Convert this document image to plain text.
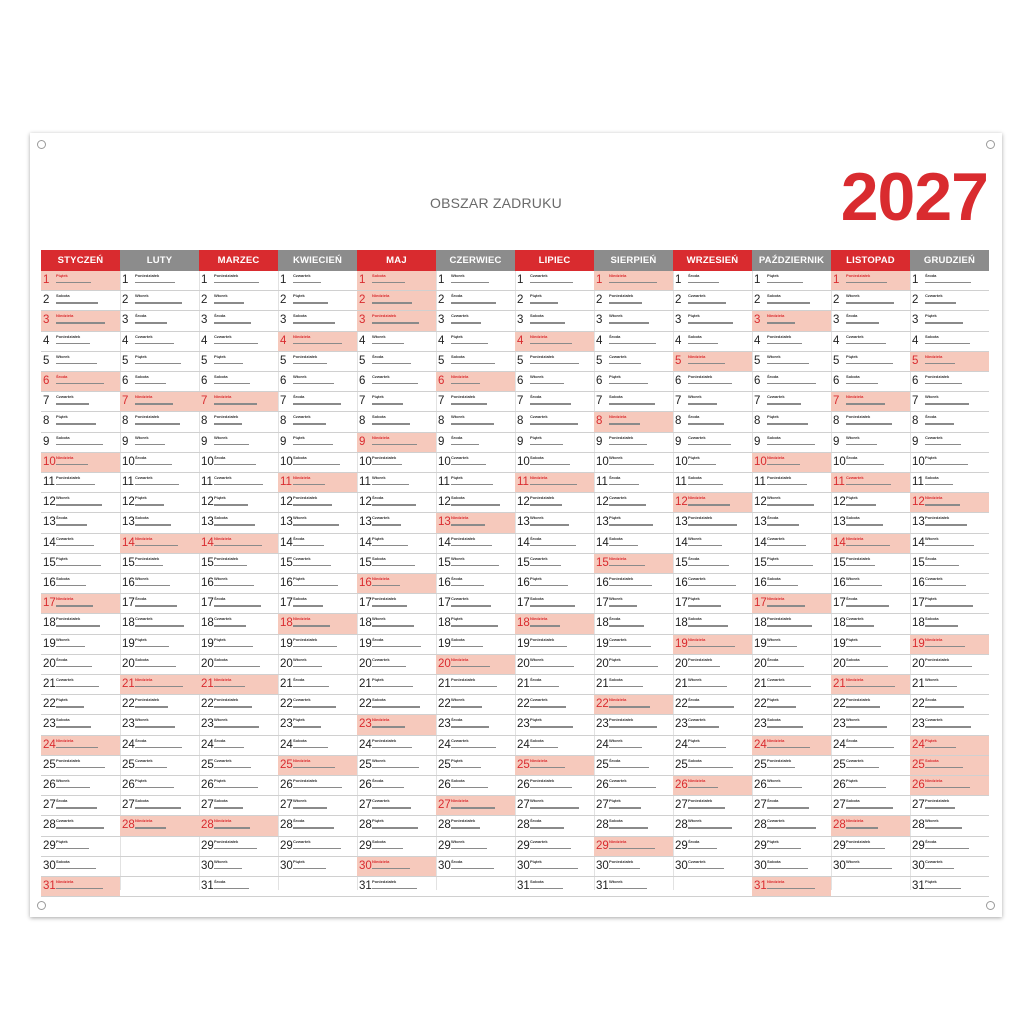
OBSZAR ZADRUKU	2027
STYCZEŃ
1 Piątek
2 Sobota
3 Niedziela
4 Poniedziałek
5 Wtorek
6 Środa
7 Czwartek
8 Piątek
9 Sobota
10 Niedziela
11 Poniedziałek
12 Wtorek
13 Środa
14 Czwartek
15 Piątek
16 Sobota
17 Niedziela
18 Poniedziałek
19 Wtorek
20 Środa
21 Czwartek
22 Piątek
23 Sobota
24 Niedziela
25 Poniedziałek
26 Wtorek
27 Środa
28 Czwartek
29 Piątek
30 Sobota
31 Niedziela
LUTY
1 Poniedziałek
2 Wtorek
3 Środa
4 Czwartek
5 Piątek
6 Sobota
7 Niedziela
8 Poniedziałek
9 Wtorek
10 Środa
11 Czwartek
12 Piątek
13 Sobota
14 Niedziela
15 Poniedziałek
16 Wtorek
17 Środa
18 Czwartek
19 Piątek
20 Sobota
21 Niedziela
22 Poniedziałek
23 Wtorek
24 Środa
25 Czwartek
26 Piątek
27 Sobota
28 Niedziela
MARZEC
1 Poniedziałek
2 Wtorek
3 Środa
4 Czwartek
5 Piątek
6 Sobota
7 Niedziela
8 Poniedziałek
9 Wtorek
10 Środa
11 Czwartek
12 Piątek
13 Sobota
14 Niedziela
15 Poniedziałek
16 Wtorek
17 Środa
18 Czwartek
19 Piątek
20 Sobota
21 Niedziela
22 Poniedziałek
23 Wtorek
24 Środa
25 Czwartek
26 Piątek
27 Sobota
28 Niedziela
29 Poniedziałek
30 Wtorek
31 Środa
KWIECIEŃ
1 Czwartek
2 Piątek
3 Sobota
4 Niedziela
5 Poniedziałek
6 Wtorek
7 Środa
8 Czwartek
9 Piątek
10 Sobota
11 Niedziela
12 Poniedziałek
13 Wtorek
14 Środa
15 Czwartek
16 Piątek
17 Sobota
18 Niedziela
19 Poniedziałek
20 Wtorek
21 Środa
22 Czwartek
23 Piątek
24 Sobota
25 Niedziela
26 Poniedziałek
27 Wtorek
28 Środa
29 Czwartek
30 Piątek
MAJ
1 Sobota
2 Niedziela
3 Poniedziałek
4 Wtorek
5 Środa
6 Czwartek
7 Piątek
8 Sobota
9 Niedziela
10 Poniedziałek
11 Wtorek
12 Środa
13 Czwartek
14 Piątek
15 Sobota
16 Niedziela
17 Poniedziałek
18 Wtorek
19 Środa
20 Czwartek
21 Piątek
22 Sobota
23 Niedziela
24 Poniedziałek
25 Wtorek
26 Środa
27 Czwartek
28 Piątek
29 Sobota
30 Niedziela
31 Poniedziałek
CZERWIEC
1 Wtorek
2 Środa
3 Czwartek
4 Piątek
5 Sobota
6 Niedziela
7 Poniedziałek
8 Wtorek
9 Środa
10 Czwartek
11 Piątek
12 Sobota
13 Niedziela
14 Poniedziałek
15 Wtorek
16 Środa
17 Czwartek
18 Piątek
19 Sobota
20 Niedziela
21 Poniedziałek
22 Wtorek
23 Środa
24 Czwartek
25 Piątek
26 Sobota
27 Niedziela
28 Poniedziałek
29 Wtorek
30 Środa
LIPIEC
1 Czwartek
2 Piątek
3 Sobota
4 Niedziela
5 Poniedziałek
6 Wtorek
7 Środa
8 Czwartek
9 Piątek
10 Sobota
11 Niedziela
12 Poniedziałek
13 Wtorek
14 Środa
15 Czwartek
16 Piątek
17 Sobota
18 Niedziela
19 Poniedziałek
20 Wtorek
21 Środa
22 Czwartek
23 Piątek
24 Sobota
25 Niedziela
26 Poniedziałek
27 Wtorek
28 Środa
29 Czwartek
30 Piątek
31 Sobota
SIERPIEŃ
1 Niedziela
2 Poniedziałek
3 Wtorek
4 Środa
5 Czwartek
6 Piątek
7 Sobota
8 Niedziela
9 Poniedziałek
10 Wtorek
11 Środa
12 Czwartek
13 Piątek
14 Sobota
15 Niedziela
16 Poniedziałek
17 Wtorek
18 Środa
19 Czwartek
20 Piątek
21 Sobota
22 Niedziela
23 Poniedziałek
24 Wtorek
25 Środa
26 Czwartek
27 Piątek
28 Sobota
29 Niedziela
30 Poniedziałek
31 Wtorek
WRZESIEŃ
1 Środa
2 Czwartek
3 Piątek
4 Sobota
5 Niedziela
6 Poniedziałek
7 Wtorek
8 Środa
9 Czwartek
10 Piątek
11 Sobota
12 Niedziela
13 Poniedziałek
14 Wtorek
15 Środa
16 Czwartek
17 Piątek
18 Sobota
19 Niedziela
20 Poniedziałek
21 Wtorek
22 Środa
23 Czwartek
24 Piątek
25 Sobota
26 Niedziela
27 Poniedziałek
28 Wtorek
29 Środa
30 Czwartek
PAŹDZIERNIK
1 Piątek
2 Sobota
3 Niedziela
4 Poniedziałek
5 Wtorek
6 Środa
7 Czwartek
8 Piątek
9 Sobota
10 Niedziela
11 Poniedziałek
12 Wtorek
13 Środa
14 Czwartek
15 Piątek
16 Sobota
17 Niedziela
18 Poniedziałek
19 Wtorek
20 Środa
21 Czwartek
22 Piątek
23 Sobota
24 Niedziela
25 Poniedziałek
26 Wtorek
27 Środa
28 Czwartek
29 Piątek
30 Sobota
31 Niedziela
LISTOPAD
1 Poniedziałek
2 Wtorek
3 Środa
4 Czwartek
5 Piątek
6 Sobota
7 Niedziela
8 Poniedziałek
9 Wtorek
10 Środa
11 Czwartek
12 Piątek
13 Sobota
14 Niedziela
15 Poniedziałek
16 Wtorek
17 Środa
18 Czwartek
19 Piątek
20 Sobota
21 Niedziela
22 Poniedziałek
23 Wtorek
24 Środa
25 Czwartek
26 Piątek
27 Sobota
28 Niedziela
29 Poniedziałek
30 Wtorek
GRUDZIEŃ
1 Środa
2 Czwartek
3 Piątek
4 Sobota
5 Niedziela
6 Poniedziałek
7 Wtorek
8 Środa
9 Czwartek
10 Piątek
11 Sobota
12 Niedziela
13 Poniedziałek
14 Wtorek
15 Środa
16 Czwartek
17 Piątek
18 Sobota
19 Niedziela
20 Poniedziałek
21 Wtorek
22 Środa
23 Czwartek
24 Piątek
25 Sobota
26 Niedziela
27 Poniedziałek
28 Wtorek
29 Środa
30 Czwartek
31 Piątek
